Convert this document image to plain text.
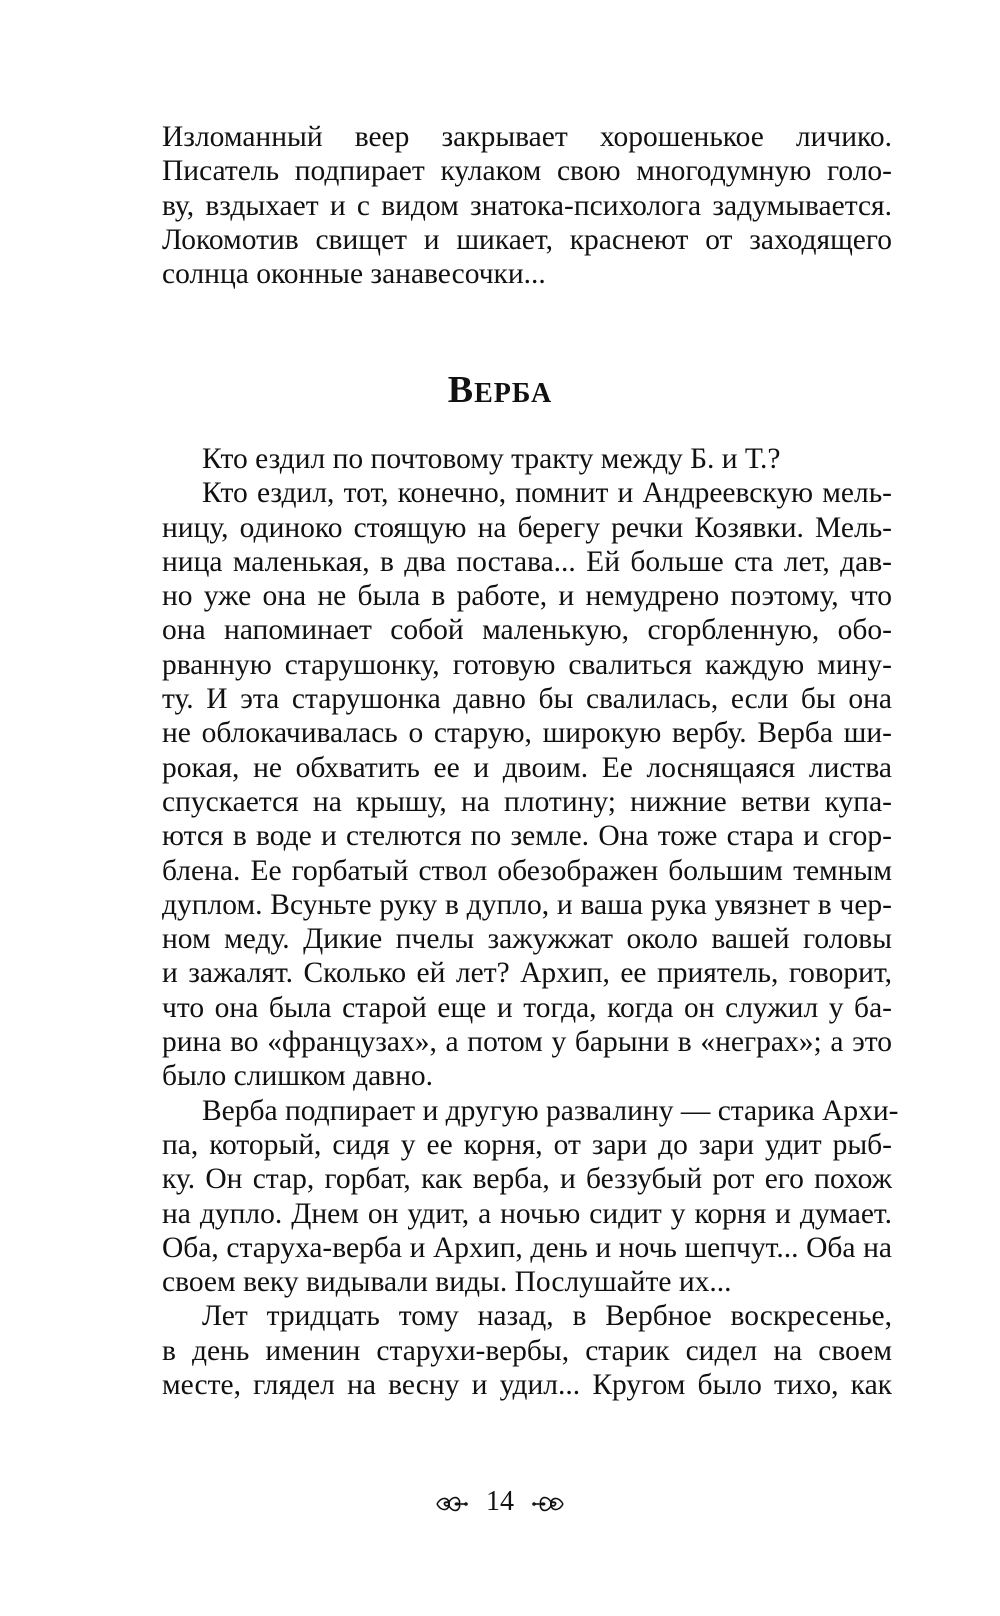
Изломанный веер закрывает хорошенькое личико.
Писатель подпирает кулаком свою многодумную голо-
ву, вздыхает и с видом знатока-психолога задумывается.
Локомотив свищет и шикает, краснеют от заходящего
солнца оконные занавесочки...
ВЕРБА
Кто ездил по почтовому тракту между Б. и Т.?
Кто ездил, тот, конечно, помнит и Андреевскую мель-
ницу, одиноко стоящую на берегу речки Козявки. Мель-
ница маленькая, в два постава... Ей больше ста лет, дав-
но уже она не была в работе, и немудрено поэтому, что
она напоминает собой маленькую, сгорбленную, обо-
рванную старушонку, готовую свалиться каждую мину-
ту. И эта старушонка давно бы свалилась, если бы она
не облокачивалась о старую, широкую вербу. Верба ши-
рокая, не обхватить ее и двоим. Ее лоснящаяся листва
спускается на крышу, на плотину; нижние ветви купа-
ются в воде и стелются по земле. Она тоже стара и сгор-
блена. Ее горбатый ствол обезображен большим темным
дуплом. Всуньте руку в дупло, и ваша рука увязнет в чер-
ном меду. Дикие пчелы зажужжат около вашей головы
и зажалят. Сколько ей лет? Архип, ее приятель, говорит,
что она была старой еще и тогда, когда он служил у ба-
рина во «французах», а потом у барыни в «неграх»; а это
было слишком давно.
Верба подпирает и другую развалину — старика Архи-
па, который, сидя у ее корня, от зари до зари удит рыб-
ку. Он стар, горбат, как верба, и беззубый рот его похож
на дупло. Днем он удит, а ночью сидит у корня и думает.
Оба, старуха-верба и Архип, день и ночь шепчут... Оба на
своем веку видывали виды. Послушайте их...
Лет тридцать тому назад, в Вербное воскресенье,
в день именин старухи-вербы, старик сидел на своем
месте, глядел на весну и удил... Кругом было тихо, как
14
